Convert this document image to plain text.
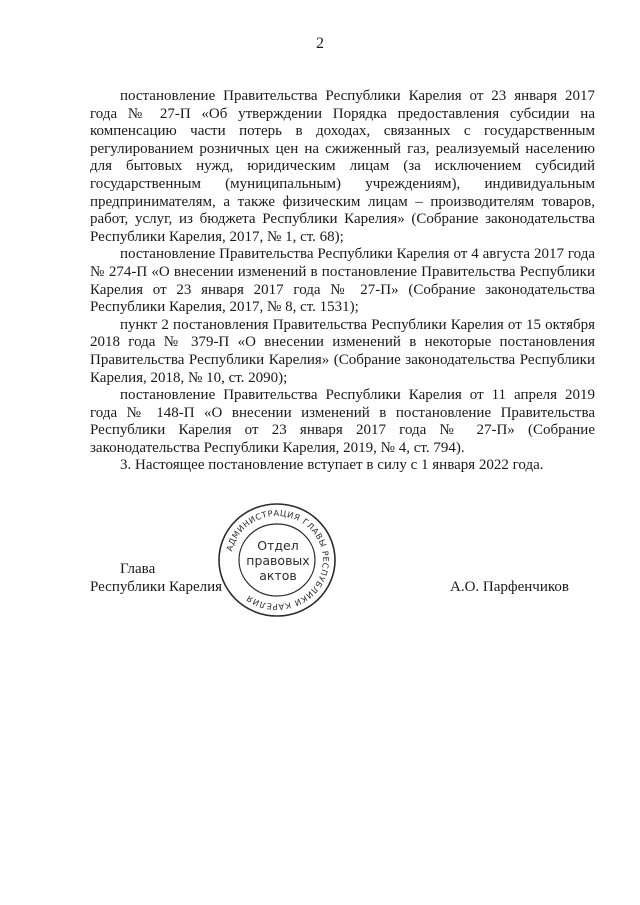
2

постановление Правительства Республики Карелия от 23 января 2017 года № 27-П «Об утверждении Порядка предоставления субсидии на компенсацию части потерь в доходах, связанных с государственным регулированием розничных цен на сжиженный газ, реализуемый населению для бытовых нужд, юридическим лицам (за исключением субсидий государственным (муниципальным) учреждениям), индивидуальным предпринимателям, а также физическим лицам – производителям товаров, работ, услуг, из бюджета Республики Карелия» (Собрание законодательства Республики Карелия, 2017, № 1, ст. 68);

постановление Правительства Республики Карелия от 4 августа 2017 года № 274-П «О внесении изменений в постановление Правительства Республики Карелия от 23 января 2017 года № 27-П» (Собрание законодательства Республики Карелия, 2017, № 8, ст. 1531);

пункт 2 постановления Правительства Республики Карелия от 15 октября 2018 года № 379-П «О внесении изменений в некоторые постановления Правительства Республики Карелия» (Собрание законодательства Республики Карелия, 2018, № 10, ст. 2090);

постановление Правительства Республики Карелия от 11 апреля 2019 года № 148-П «О внесении изменений в постановление Правительства Республики Карелия от 23 января 2017 года № 27-П» (Собрание законодательства Республики Карелия, 2019, № 4, ст. 794).

3. Настоящее постановление вступает в силу с 1 января 2022 года.

Глава
Республики Карелия	А.О. Парфенчиков
АДМИНИСТРАЦИЯ ГЛАВЫ РЕСПУБЛИКИ КАРЕЛИЯ
Отдел
правовых
актов
